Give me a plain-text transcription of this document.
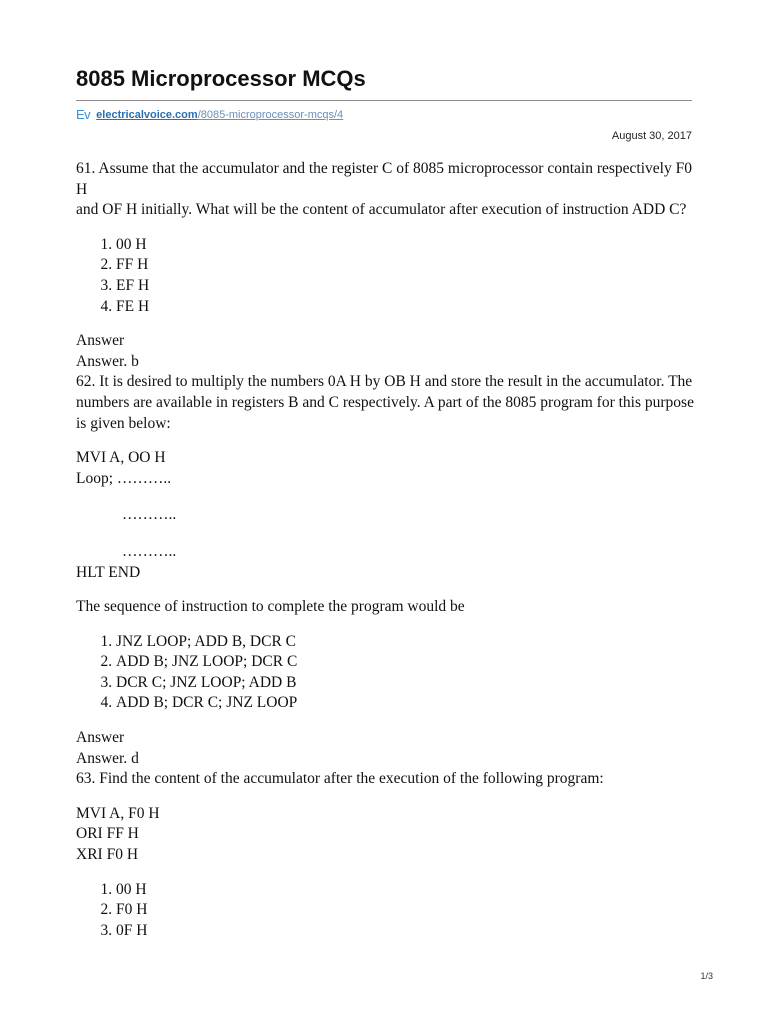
8085 Microprocessor MCQs
Ev electricalvoice.com /8085-microprocessor-mcqs/4
August 30, 2017

61. Assume that the accumulator and the register C of 8085 microprocessor contain respectively F0 H

and OF H initially. What will be the content of accumulator after execution of instruction ADD C?

1. 00 H
2. FF H
3. EF H
4. FE H

Answer

Answer. b

62. It is desired to multiply the numbers 0A H by OB H and store the result in the accumulator. The numbers are available in registers B and C respectively. A part of the 8085 program for this purpose is given below:

MVI A, OO H

Loop; ………..

………..

………..

HLT END

The sequence of instruction to complete the program would be

1. JNZ LOOP; ADD B, DCR C
2. ADD B; JNZ LOOP; DCR C
3. DCR C; JNZ LOOP; ADD B
4. ADD B; DCR C; JNZ LOOP

Answer

Answer. d

63. Find the content of the accumulator after the execution of the following program:

MVI A, F0 H

ORI FF H

XRI F0 H

1. 00 H
2. F0 H
3. 0F H
1/3
